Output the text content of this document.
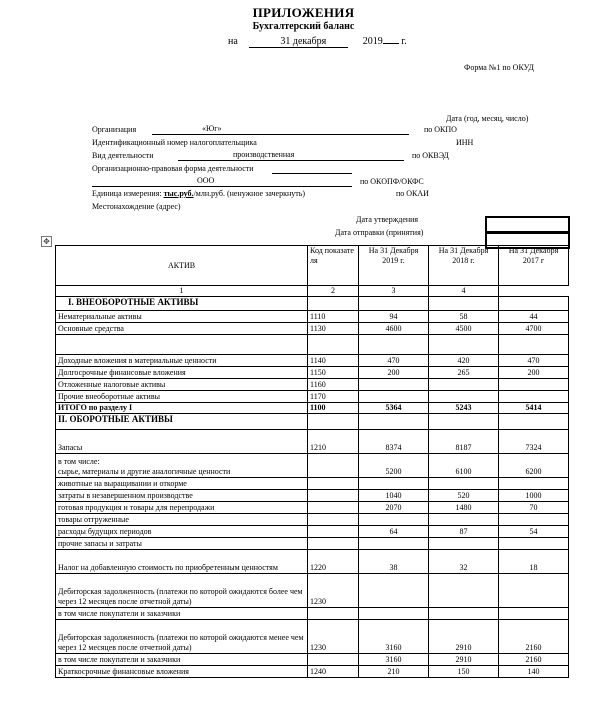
ПРИЛОЖЕНИЯ
Бухгалтерский баланс
на	31 декабря	2019 г.
Форма №1 по ОКУД
Дата (год, месяц, число)
Организация	«Юг»	по ОКПО
Идентификационный номер налогоплательщика	ИНН
Вид деятельности	производственная	по ОКВЭД
Организационно-правовая форма деятельности
ООО	по ОКОПФ/ОКФС
Единица измерения: тыс.руб./млн.руб. (ненужное зачеркнуть)	по ОКАИ
Местонахождение (адрес)
Дата утверждения
Дата отправки (принятия)
✥
АКТИВ	Код показате ля	На 31 Декабря 2019 г.	На 31 Декабря 2018 г.	На 31 Декабря 2017 г
1	2	3	4	
I. ВНЕОБОРОТНЫЕ АКТИВЫ				
Нематериальные активы	1110	94	58	44
Основные средства	1130	4600	4500	4700

Доходные вложения в материальные ценности	1140	470	420	470
Долгосрочные финансовые вложения	1150	200	265	200
Отложенные налоговые активы	1160			
Прочие внеоборотные активы	1170			
ИТОГО по разделу I	1100	5364	5243	5414
II. ОБОРОТНЫЕ АКТИВЫ				
Запасы	1210	8374	8187	7324
в том числе:
сырье, материалы и другие аналогичные ценности		5200	6100	6200
животные на выращивании и откорме				
затраты в незавершенном производстве		1040	520	1000
готовая продукция и товары для перепродажи		2070	1480	70
товары отгруженные				
расходы будущих периодов		64	87	54
прочие запасы и затраты				
Налог на добавленную стоимость по приобретенным ценностям	1220	38	32	18
Дебиторская задолженность (платежи по которой ожидаются более чем через 12 месяцев после отчетной даты)	1230			
в том числе покупатели и заказчики				
Дебиторская задолженность (платежи по которой ожидаются менее чем через 12 месяцев после отчетной даты)	1230	3160	2910	2160
в том числе покупатели и заказчики		3160	2910	2160
Краткосрочные финансовые вложения	1240	210	150	140
